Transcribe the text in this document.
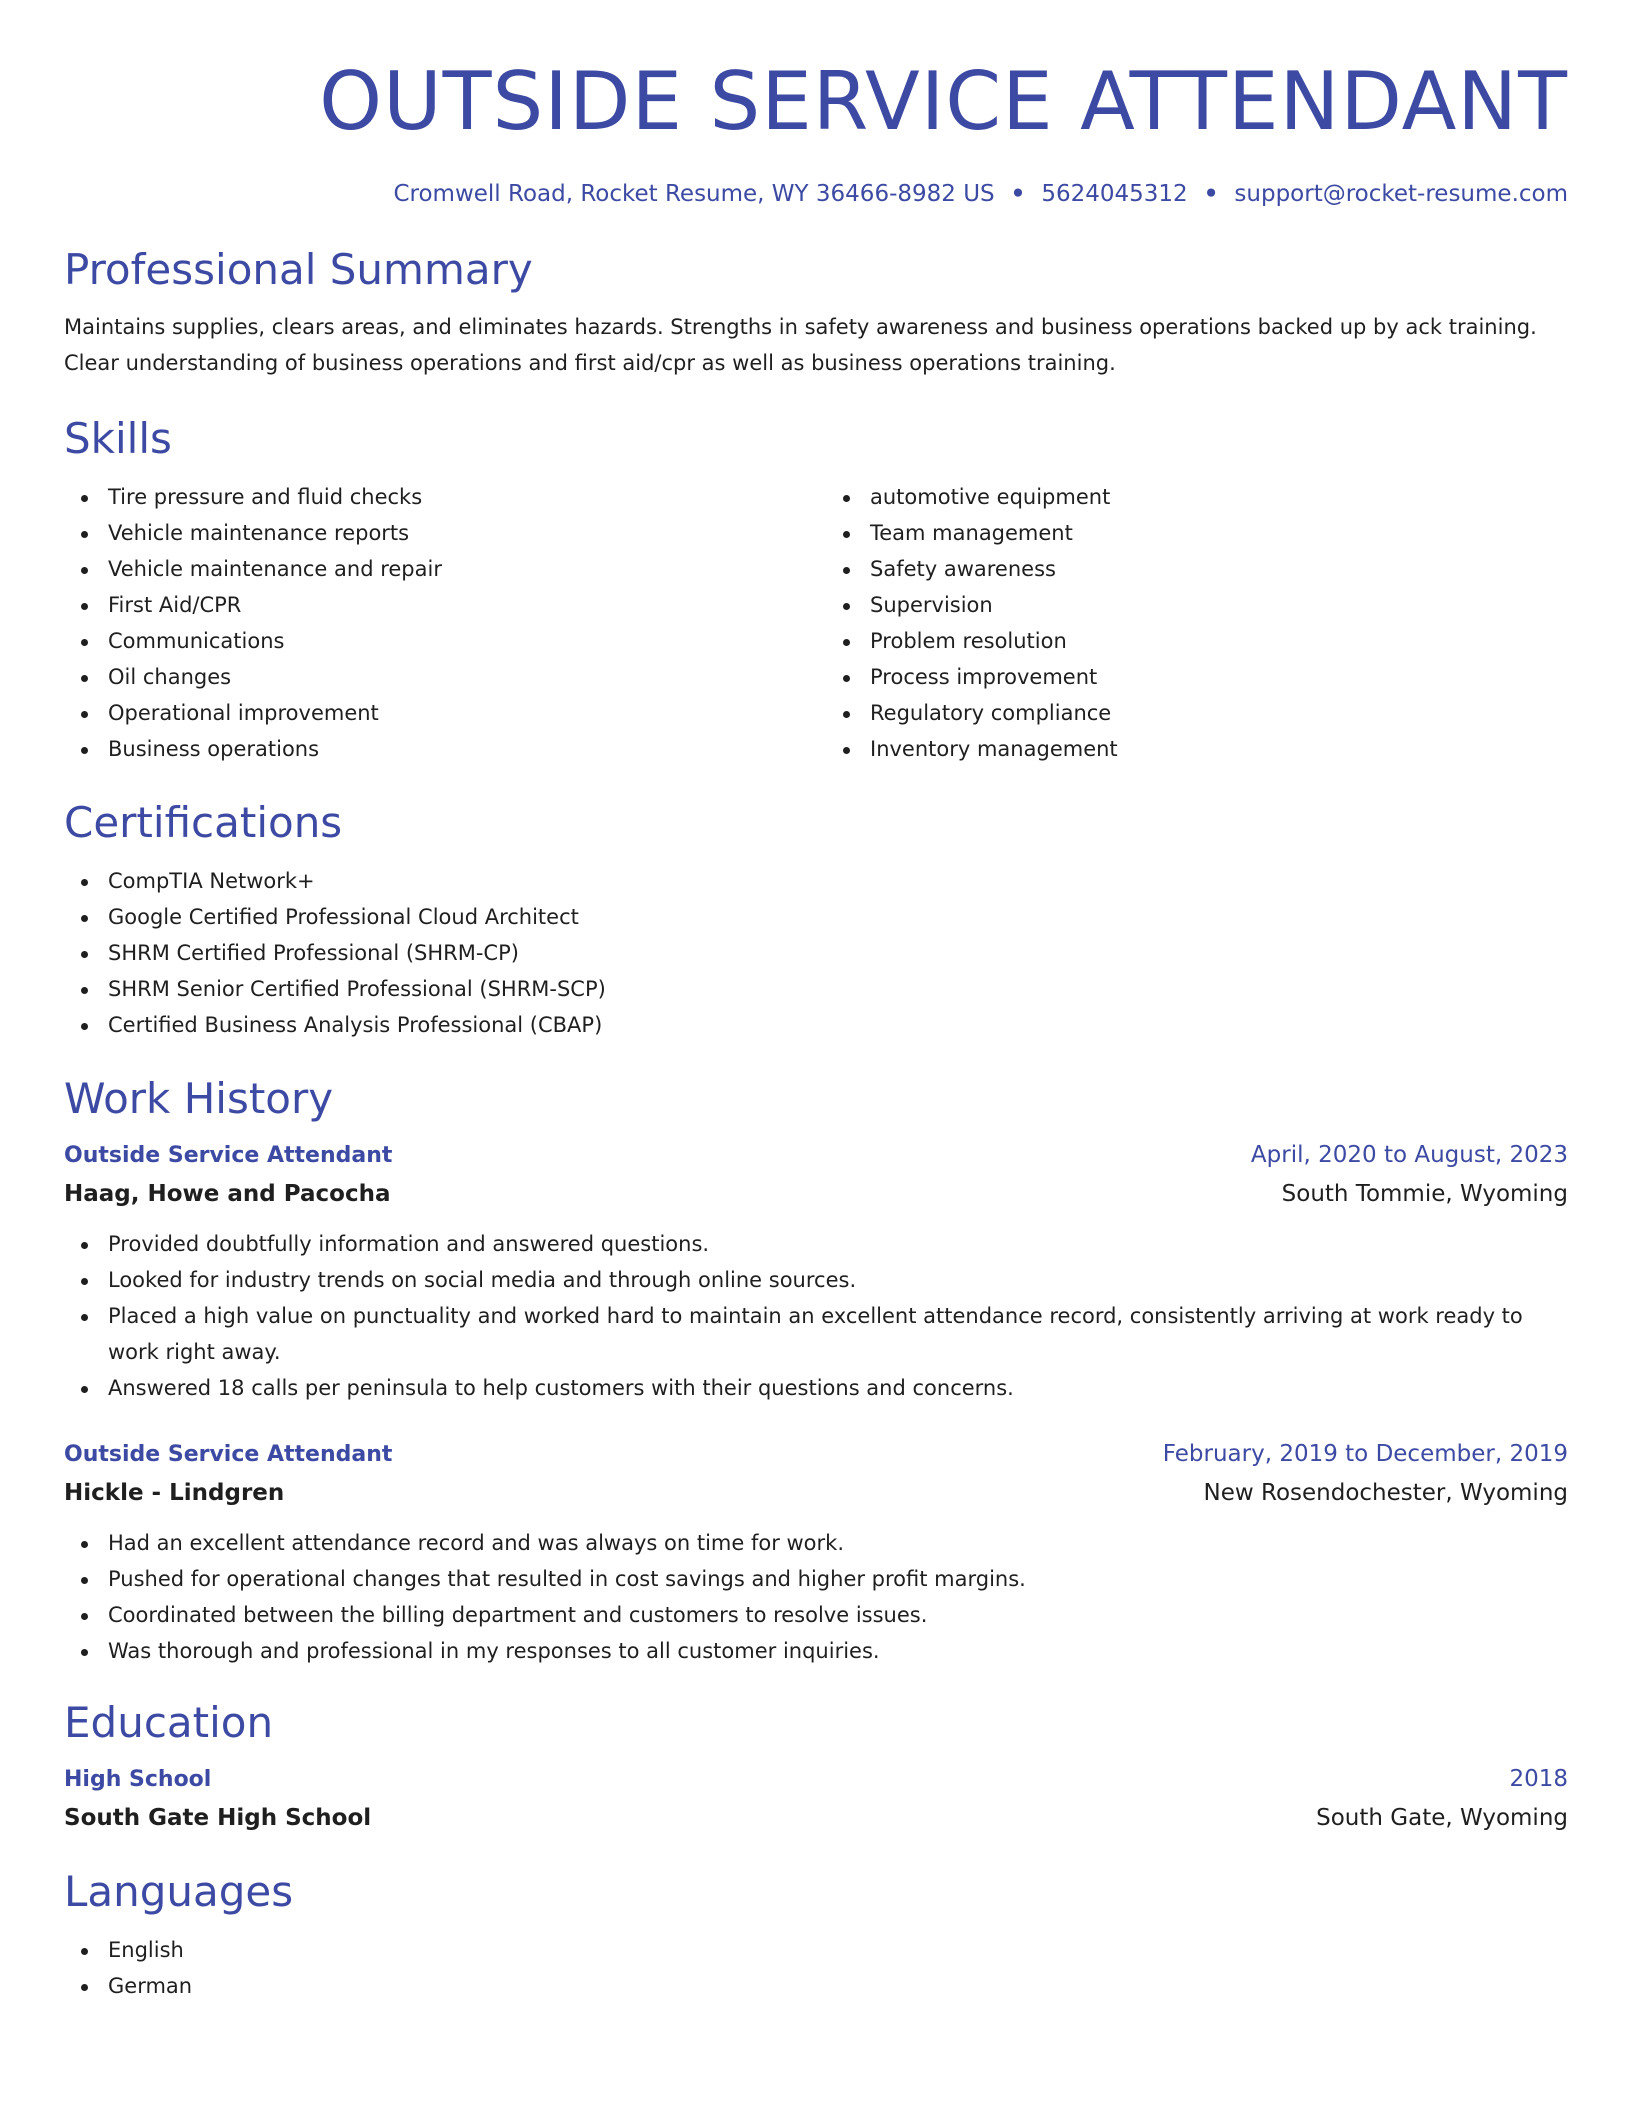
OUTSIDE SERVICE ATTENDANT
Cromwell Road, Rocket Resume, WY 36466-8982 US • 5624045312 • support@rocket-resume.com
Professional Summary

Maintains supplies, clears areas, and eliminates hazards. Strengths in safety awareness and business operations backed up by ack training. Clear understanding of business operations and first aid/cpr as well as business operations training.

Skills
Tire pressure and fluid checks
Vehicle maintenance reports
Vehicle maintenance and repair
First Aid/CPR
Communications
Oil changes
Operational improvement
Business operations
automotive equipment
Team management
Safety awareness
Supervision
Problem resolution
Process improvement
Regulatory compliance
Inventory management
Certifications
CompTIA Network+
Google Certified Professional Cloud Architect
SHRM Certified Professional (SHRM-CP)
SHRM Senior Certified Professional (SHRM-SCP)
Certified Business Analysis Professional (CBAP)
Work History
Outside Service Attendant	April, 2020 to August, 2023
Haag, Howe and Pacocha	South Tommie, Wyoming
Provided doubtfully information and answered questions.
Looked for industry trends on social media and through online sources.
Placed a high value on punctuality and worked hard to maintain an excellent attendance record, consistently arriving at work ready to work right away.
Answered 18 calls per peninsula to help customers with their questions and concerns.
Outside Service Attendant	February, 2019 to December, 2019
Hickle - Lindgren	New Rosendochester, Wyoming
Had an excellent attendance record and was always on time for work.
Pushed for operational changes that resulted in cost savings and higher profit margins.
Coordinated between the billing department and customers to resolve issues.
Was thorough and professional in my responses to all customer inquiries.
Education
High School	2018
South Gate High School	South Gate, Wyoming
Languages
English
German
